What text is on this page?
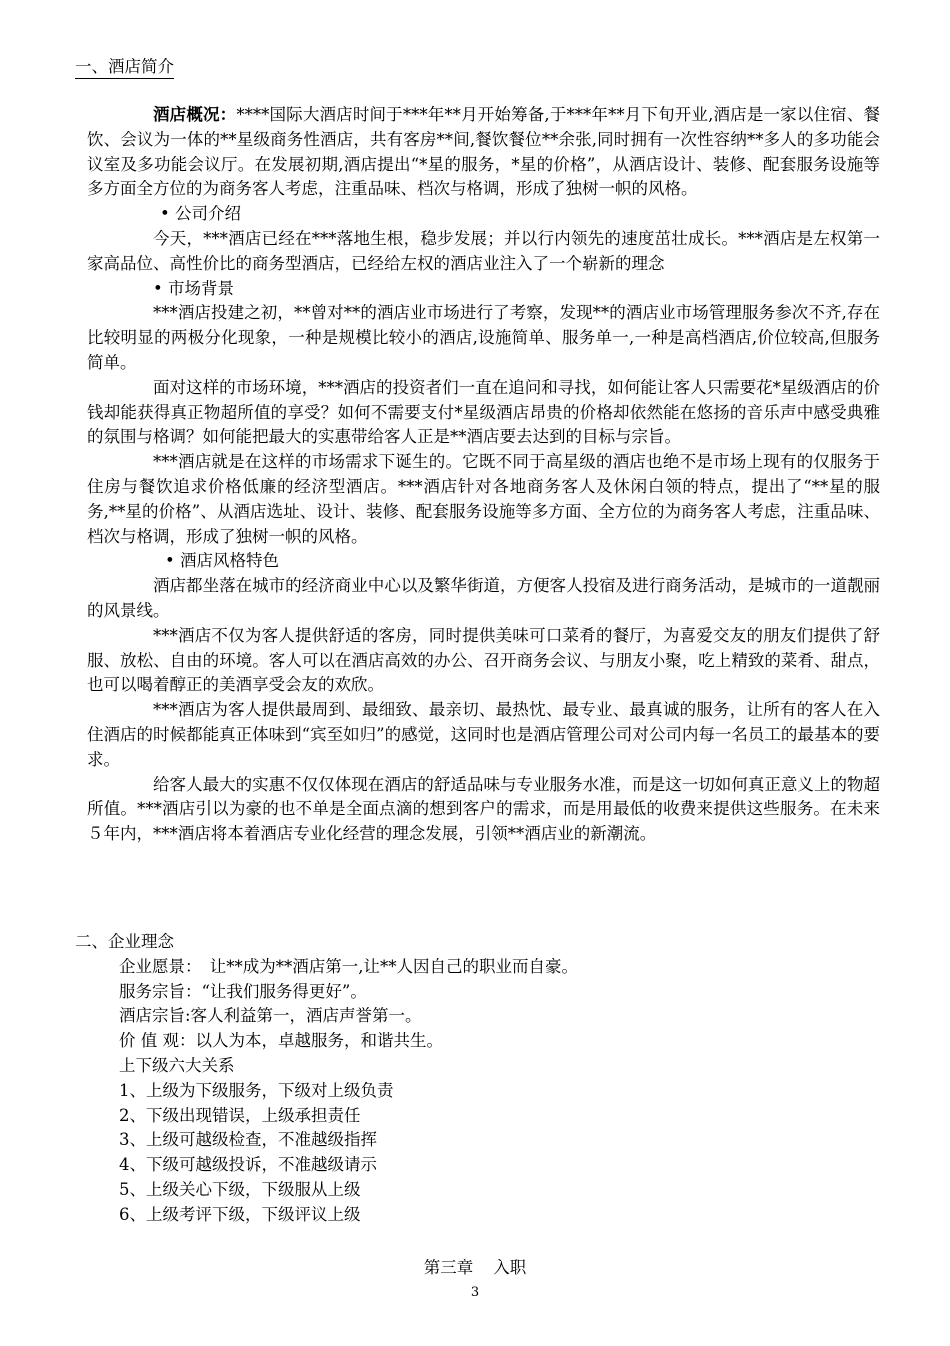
一、酒店简介

酒店概况：****国际大酒店时间于***年**月开始筹备,于***年**月下旬开业,酒店是一家以住宿、餐饮、会议为一体的**星级商务性酒店，共有客房**间,餐饮餐位**余张,同时拥有一次性容纳**多人的多功能会议室及多功能会议厅。在发展初期,酒店提出“*星的服务，*星的价格”，从酒店设计、装修、配套服务设施等多方面全方位的为商务客人考虑，注重品味、档次与格调，形成了独树一帜的风格。

• 公司介绍

今天，***酒店已经在***落地生根，稳步发展；并以行内领先的速度茁壮成长。***酒店是左权第一家高品位、高性价比的商务型酒店，已经给左权的酒店业注入了一个崭新的理念

• 市场背景

***酒店投建之初，**曾对**的酒店业市场进行了考察，发现**的酒店业市场管理服务参次不齐,存在比较明显的两极分化现象，一种是规模比较小的酒店,设施简单、服务单一,一种是高档酒店,价位较高,但服务简单。

面对这样的市场环境，***酒店的投资者们一直在追问和寻找，如何能让客人只需要花*星级酒店的价钱却能获得真正物超所值的享受？如何不需要支付*星级酒店昂贵的价格却依然能在悠扬的音乐声中感受典雅的氛围与格调？如何能把最大的实惠带给客人正是**酒店要去达到的目标与宗旨。

***酒店就是在这样的市场需求下诞生的。它既不同于高星级的酒店也绝不是市场上现有的仅服务于住房与餐饮追求价格低廉的经济型酒店。***酒店针对各地商务客人及休闲白领的特点，提出了“**星的服务,**星的价格”、从酒店选址、设计、装修、配套服务设施等多方面、全方位的为商务客人考虑，注重品味、档次与格调，形成了独树一帜的风格。

• 酒店风格特色

酒店都坐落在城市的经济商业中心以及繁华街道，方便客人投宿及进行商务活动，是城市的一道靓丽的风景线。

***酒店不仅为客人提供舒适的客房，同时提供美味可口菜肴的餐厅，为喜爱交友的朋友们提供了舒服、放松、自由的环境。客人可以在酒店高效的办公、召开商务会议、与朋友小聚，吃上精致的菜肴、甜点，也可以喝着醇正的美酒享受会友的欢欣。

***酒店为客人提供最周到、最细致、最亲切、最热忱、最专业、最真诚的服务，让所有的客人在入住酒店的时候都能真正体味到“宾至如归”的感觉，这同时也是酒店管理公司对公司内每一名员工的最基本的要求。

给客人最大的实惠不仅仅体现在酒店的舒适品味与专业服务水准，而是这一切如何真正意义上的物超所值。***酒店引以为豪的也不单是全面点滴的想到客户的需求，而是用最低的收费来提供这些服务。在未来５年内，***酒店将本着酒店专业化经营的理念发展，引领**酒店业的新潮流。

二、企业理念

企业愿景：　让**成为**酒店第一,让**人因自己的职业而自豪。

服务宗旨：“让我们服务得更好”。

酒店宗旨:客人利益第一，酒店声誉第一。

价 值 观：以人为本，卓越服务，和谐共生。

上下级六大关系

1、上级为下级服务，下级对上级负责

2、下级出现错误，上级承担责任

3、上级可越级检查，不准越级指挥

4、下级可越级投诉，不准越级请示

5、上级关心下级，下级服从上级

6、上级考评下级，下级评议上级

第三章 入职
3
